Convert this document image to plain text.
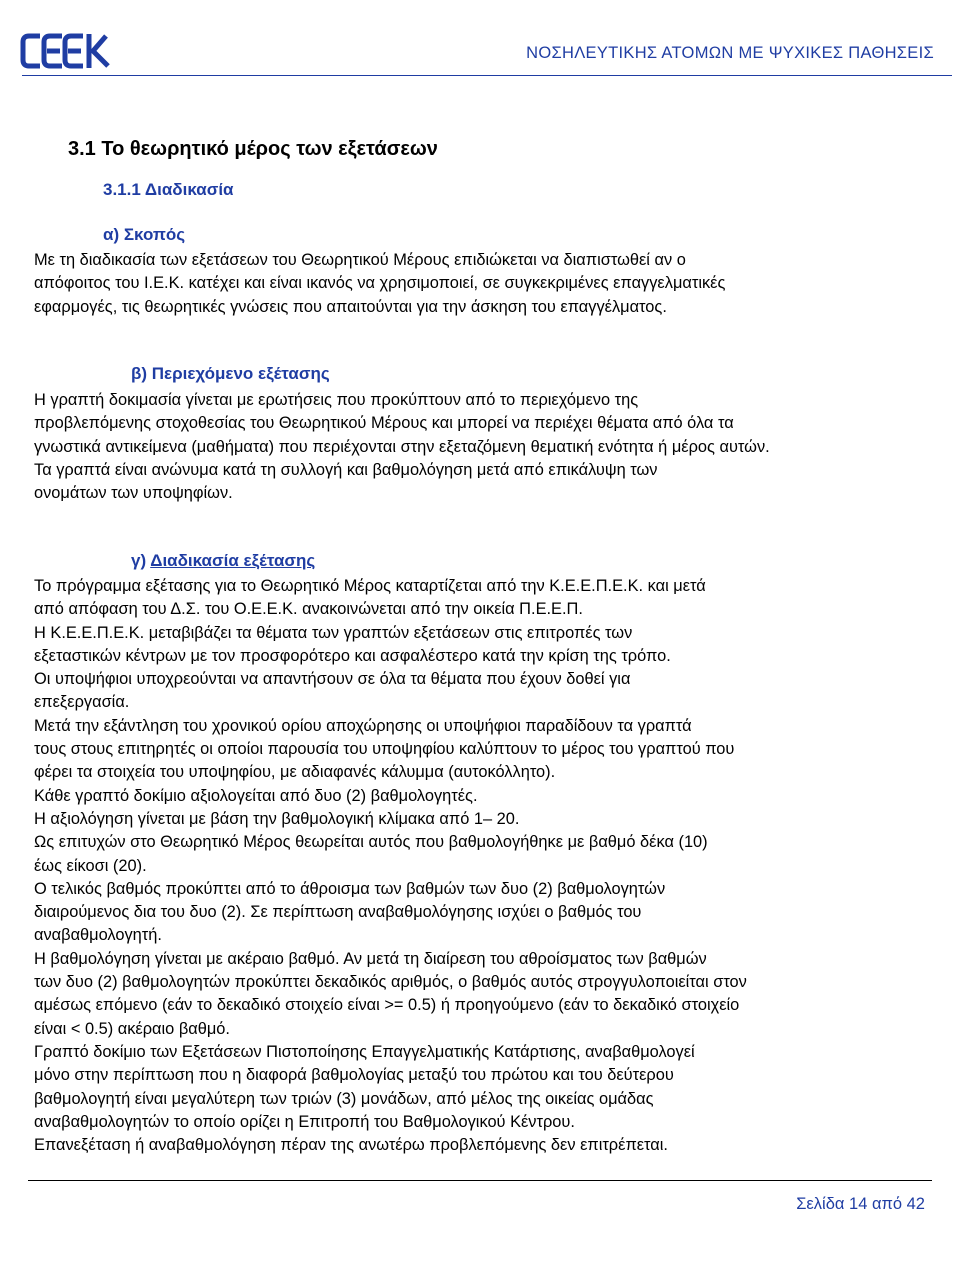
ΝΟΣΗΛΕΥΤΙΚΗΣ ΑΤΟΜΩΝ ΜΕ ΨΥΧΙΚΕΣ ΠΑΘΗΣΕΙΣ
3.1 Το θεωρητικό μέρος των εξετάσεων
3.1.1 Διαδικασία
α) Σκοπός

Με τη διαδικασία των εξετάσεων του Θεωρητικού Μέρους επιδιώκεται να διαπιστωθεί αν ο
απόφοιτος του Ι.Ε.Κ. κατέχει και είναι ικανός να χρησιμοποιεί, σε συγκεκριμένες επαγγελματικές
εφαρμογές, τις θεωρητικές γνώσεις που απαιτούνται για την άσκηση του επαγγέλματος.

β) Περιεχόμενο εξέτασης

Η γραπτή δοκιμασία γίνεται με ερωτήσεις που προκύπτουν από το περιεχόμενο της
προβλεπόμενης στοχοθεσίας του Θεωρητικού Μέρους και μπορεί να περιέχει θέματα από όλα τα
γνωστικά αντικείμενα (μαθήματα) που περιέχονται στην εξεταζόμενη θεματική ενότητα ή μέρος αυτών.
Τα γραπτά είναι ανώνυμα κατά τη συλλογή και βαθμολόγηση μετά από επικάλυψη των
ονομάτων των υποψηφίων.

γ) Διαδικασία εξέτασης

Το πρόγραμμα εξέτασης για το Θεωρητικό Μέρος καταρτίζεται από την Κ.Ε.Ε.Π.Ε.Κ. και μετά
από απόφαση του Δ.Σ. του Ο.Ε.Ε.Κ. ανακοινώνεται από την οικεία Π.Ε.Ε.Π.
Η Κ.Ε.Ε.Π.Ε.Κ. μεταβιβάζει τα θέματα των γραπτών εξετάσεων στις επιτροπές των
εξεταστικών κέντρων με τον προσφορότερο και ασφαλέστερο κατά την κρίση της τρόπο.
Οι υποψήφιοι υποχρεούνται να απαντήσουν σε όλα τα θέματα που έχουν δοθεί για
επεξεργασία.
Μετά την εξάντληση του χρονικού ορίου αποχώρησης οι υποψήφιοι παραδίδουν τα γραπτά
τους στους επιτηρητές οι οποίοι παρουσία του υποψηφίου καλύπτουν το μέρος του γραπτού που
φέρει τα στοιχεία του υποψηφίου, με αδιαφανές κάλυμμα (αυτοκόλλητο).
Κάθε γραπτό δοκίμιο αξιολογείται από δυο (2) βαθμολογητές.
Η αξιολόγηση γίνεται με βάση την βαθμολογική κλίμακα από 1– 20.
Ως επιτυχών στο Θεωρητικό Μέρος θεωρείται αυτός που βαθμολογήθηκε με βαθμό δέκα (10)
έως είκοσι (20).
Ο τελικός βαθμός προκύπτει από το άθροισμα των βαθμών των δυο (2) βαθμολογητών
διαιρούμενος δια του δυο (2). Σε περίπτωση αναβαθμολόγησης ισχύει ο βαθμός του
αναβαθμολογητή.
Η βαθμολόγηση γίνεται με ακέραιο βαθμό. Αν μετά τη διαίρεση του αθροίσματος των βαθμών
των δυο (2) βαθμολογητών προκύπτει δεκαδικός αριθμός, ο βαθμός αυτός στρογγυλοποιείται στον
αμέσως επόμενο (εάν το δεκαδικό στοιχείο είναι >= 0.5) ή προηγούμενο (εάν το δεκαδικό στοιχείο
είναι < 0.5) ακέραιο βαθμό.
Γραπτό δοκίμιο των Εξετάσεων Πιστοποίησης Επαγγελματικής Κατάρτισης, αναβαθμολογεί
μόνο στην περίπτωση που η διαφορά βαθμολογίας μεταξύ του πρώτου και του δεύτερου
βαθμολογητή είναι μεγαλύτερη των τριών (3) μονάδων, από μέλος της οικείας ομάδας
αναβαθμολογητών το οποίο ορίζει η Επιτροπή του Βαθμολογικού Κέντρου.
Επανεξέταση ή αναβαθμολόγηση πέραν της ανωτέρω προβλεπόμενης δεν επιτρέπεται.

Σελίδα 14 από 42
